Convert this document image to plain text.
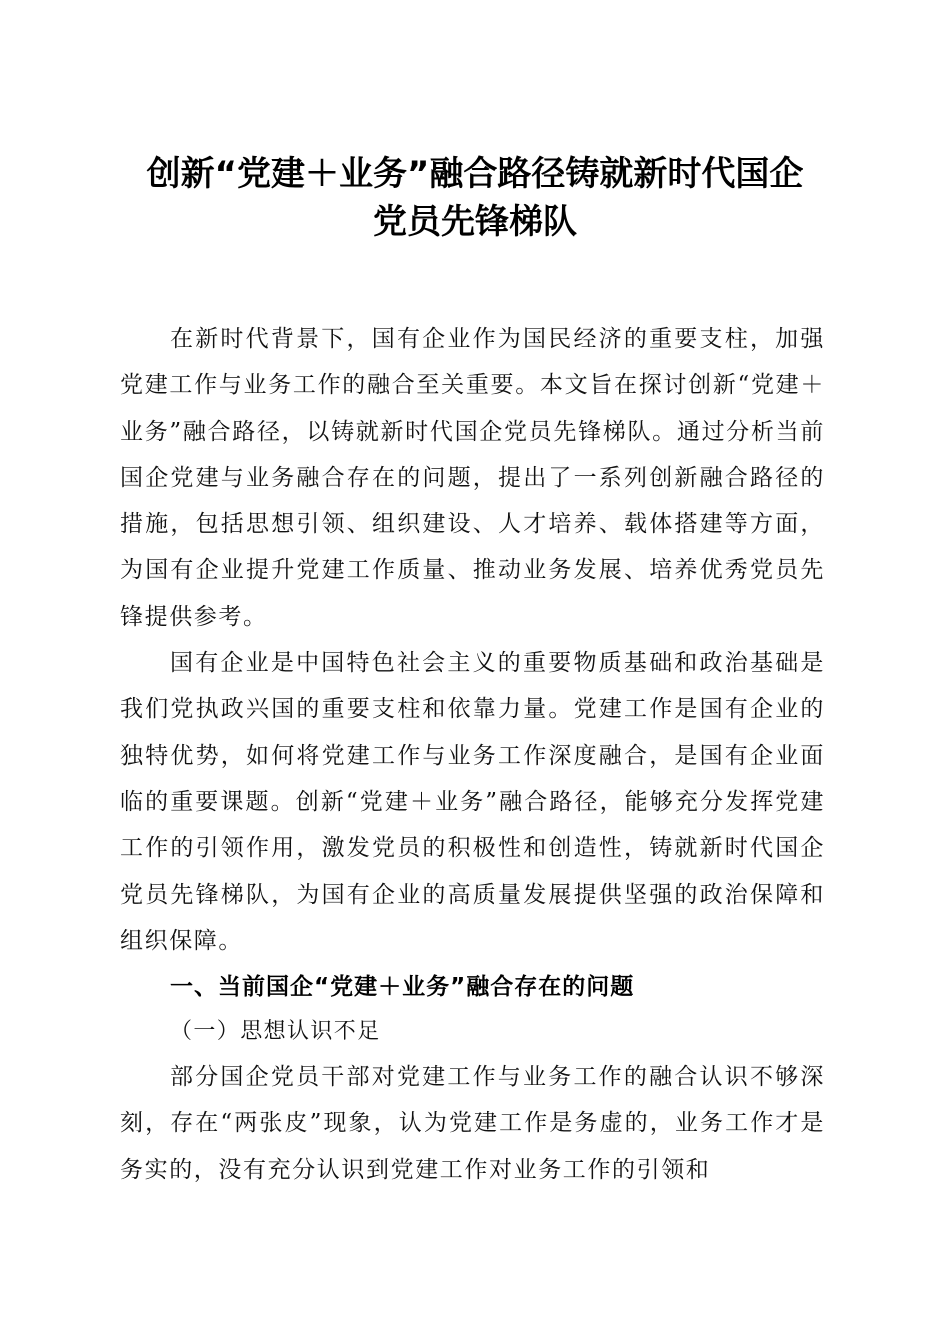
创新“党建＋业务”融合路径铸就新时代国企
党员先锋梯队

在新时代背景下，国有企业作为国民经济的重要支柱，加强党建工作与业务工作的融合至关重要。本文旨在探讨创新“党建＋业务”融合路径，以铸就新时代国企党员先锋梯队。通过分析当前国企党建与业务融合存在的问题，提出了一系列创新融合路径的措施，包括思想引领、组织建设、人才培养、载体搭建等方面，为国有企业提升党建工作质量、推动业务发展、培养优秀党员先锋提供参考。

国有企业是中国特色社会主义的重要物质基础和政治基础是我们党执政兴国的重要支柱和依靠力量。党建工作是国有企业的独特优势，如何将党建工作与业务工作深度融合，是国有企业面临的重要课题。创新“党建＋业务”融合路径，能够充分发挥党建工作的引领作用，激发党员的积极性和创造性，铸就新时代国企党员先锋梯队，为国有企业的高质量发展提供坚强的政治保障和组织保障。

一、当前国企“党建＋业务”融合存在的问题

（一）思想认识不足

部分国企党员干部对党建工作与业务工作的融合认识不够深刻，存在“两张皮”现象，认为党建工作是务虚的，业务工作才是务实的，没有充分认识到党建工作对业务工作的引领和
